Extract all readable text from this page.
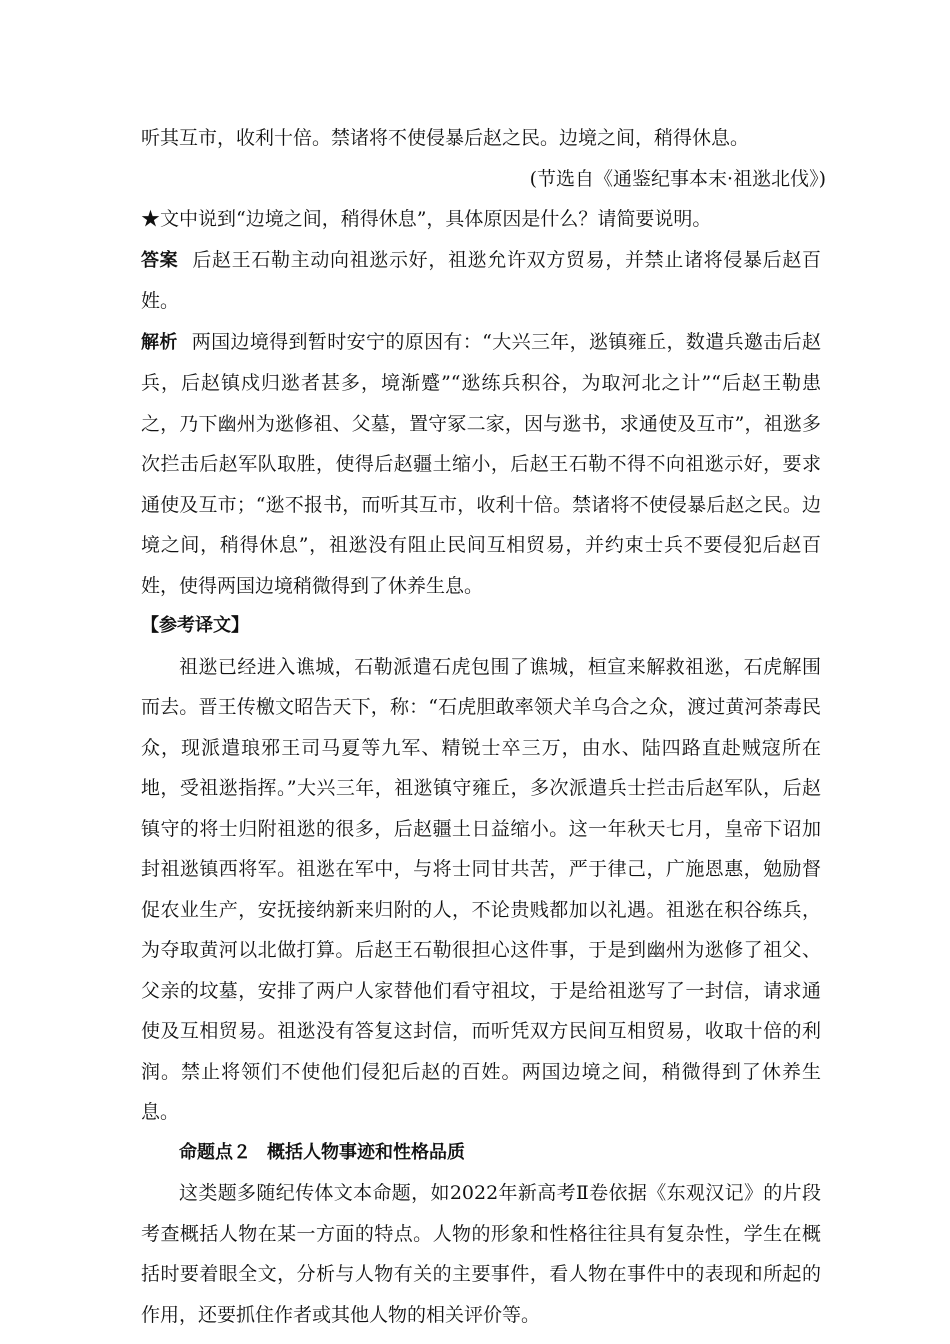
听其互市，收利十倍。禁诸将不使侵暴后赵之民。边境之间，稍得休息。

(节选自《通鉴纪事本末·祖逖北伐》)

★文中说到“边境之间，稍得休息”，具体原因是什么？请简要说明。

答案 后赵王石勒主动向祖逖示好，祖逖允许双方贸易，并禁止诸将侵暴后赵百姓。

解析 两国边境得到暂时安宁的原因有：“大兴三年，逖镇雍丘，数遣兵邀击后赵兵，后赵镇戍归逖者甚多，境渐蹙”“逖练兵积谷，为取河北之计”“后赵王勒患之，乃下幽州为逖修祖、父墓，置守冢二家，因与逖书，求通使及互市”，祖逖多次拦击后赵军队取胜，使得后赵疆土缩小，后赵王石勒不得不向祖逖示好，要求通使及互市；“逖不报书，而听其互市，收利十倍。禁诸将不使侵暴后赵之民。边境之间，稍得休息”，祖逖没有阻止民间互相贸易，并约束士兵不要侵犯后赵百姓，使得两国边境稍微得到了休养生息。

【参考译文】

祖逖已经进入谯城，石勒派遣石虎包围了谯城，桓宣来解救祖逖，石虎解围而去。晋王传檄文昭告天下，称：“石虎胆敢率领犬羊乌合之众，渡过黄河荼毒民众，现派遣琅邪王司马夏等九军、精锐士卒三万，由水、陆四路直赴贼寇所在地，受祖逖指挥。”大兴三年，祖逖镇守雍丘，多次派遣兵士拦击后赵军队，后赵镇守的将士归附祖逖的很多，后赵疆土日益缩小。这一年秋天七月，皇帝下诏加封祖逖镇西将军。祖逖在军中，与将士同甘共苦，严于律己，广施恩惠，勉励督促农业生产，安抚接纳新来归附的人，不论贵贱都加以礼遇。祖逖在积谷练兵，为夺取黄河以北做打算。后赵王石勒很担心这件事，于是到幽州为逖修了祖父、父亲的坟墓，安排了两户人家替他们看守祖坟，于是给祖逖写了一封信，请求通使及互相贸易。祖逖没有答复这封信，而听凭双方民间互相贸易，收取十倍的利润。禁止将领们不使他们侵犯后赵的百姓。两国边境之间，稍微得到了休养生息。

命题点２ 概括人物事迹和性格品质

这类题多随纪传体文本命题，如2022年新高考Ⅱ卷依据《东观汉记》的片段考查概括人物在某一方面的特点。人物的形象和性格往往具有复杂性，学生在概括时要着眼全文，分析与人物有关的主要事件，看人物在事件中的表现和所起的作用，还要抓住作者或其他人物的相关评价等。
